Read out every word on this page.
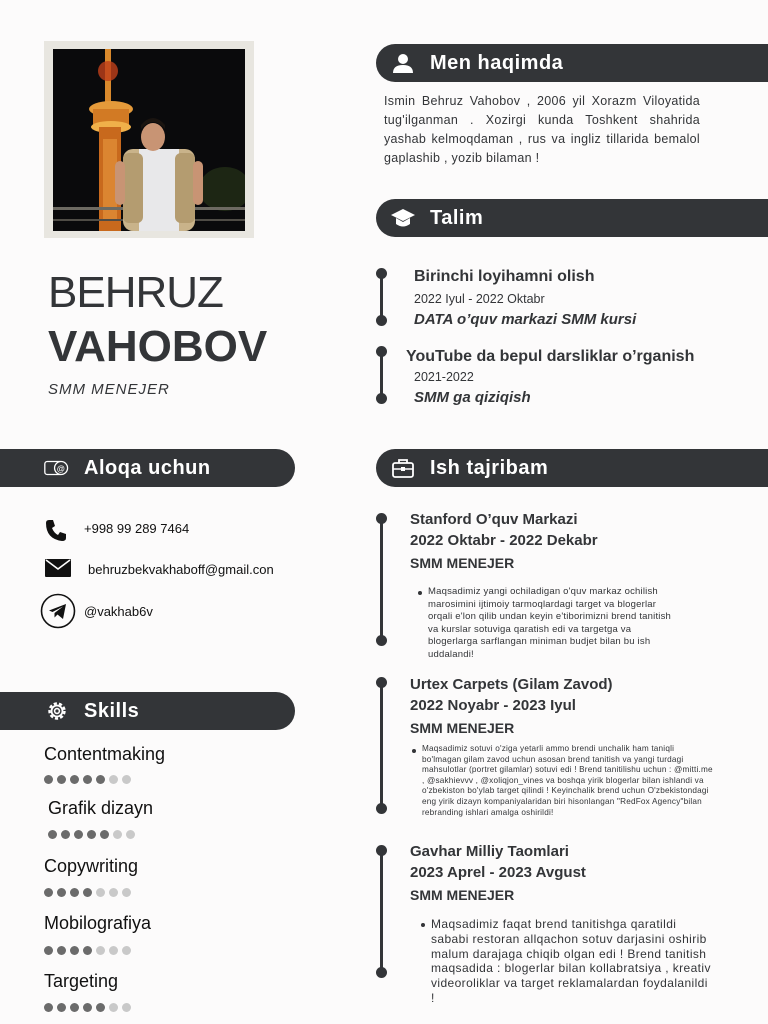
BEHRUZ
VAHOBOV
SMM MENEJER
Men haqimda
Ismin Behruz Vahobov , 2006 yil Xorazm Viloyatida tug'ilganman . Xozirgi kunda Toshkent shahrida yashab kelmoqdaman , rus va ingliz tillarida bemalol gaplashib , yozib bilaman !
Talim
Birinchi loyihamni olish
2022 Iyul - 2022 Oktabr
DATA o’quv markazi SMM kursi
YouTube da bepul darsliklar o’rganish
2021-2022
SMM ga qiziqish
@ Aloqa uchun
+998 99 289 7464
behruzbekvakhaboff@gmail.con
@vakhab6v
Ish tajribam
Stanford O’quv Markazi
2022 Oktabr - 2022 Dekabr
SMM MENEJER
Maqsadimiz yangi ochiladigan o'quv markaz ochilish marosimini ijtimoiy tarmoqlardagi target va blogerlar orqali e'lon qilib undan keyin e'tiborimizni brend tanitish va kurslar sotuviga qaratish edi va targetga va blogerlarga sarflangan miniman budjet bilan bu ish uddalandi!
Urtex Carpets (Gilam Zavod)
2022 Noyabr - 2023 Iyul
SMM MENEJER
Maqsadimiz sotuvi o'ziga yetarli ammo brendi unchalik ham taniqli bo'lmagan gilam zavod uchun asosan brend tanitish va yangi turdagi mahsulotlar (portret gilamlar) sotuvi edi ! Brend tanitilishu uchun : @mitti.me , @sakhievvv , @xoliqjon_vines va boshqa yirik blogerlar bilan ishlandi va o'zbekiston bo'ylab target qilindi ! Keyinchalik brend uchun O'zbekistondagi eng yirik dizayn kompaniyalaridan biri hisonlangan "RedFox Agency"bilan rebranding ishlari amalga oshirildi!
Gavhar Milliy Taomlari
2023 Aprel - 2023 Avgust
SMM MENEJER
Maqsadimiz faqat brend tanitishga qaratildi sababi restoran allqachon sotuv darjasini oshirib malum darajaga chiqib olgan edi ! Brend tanitish maqsadida : blogerlar bilan kollabratsiya , kreativ videoroliklar va target reklamalardan foydalanildi !
Skills
Contentmaking
Grafik dizayn
Copywriting
Mobilografiya
Targeting
